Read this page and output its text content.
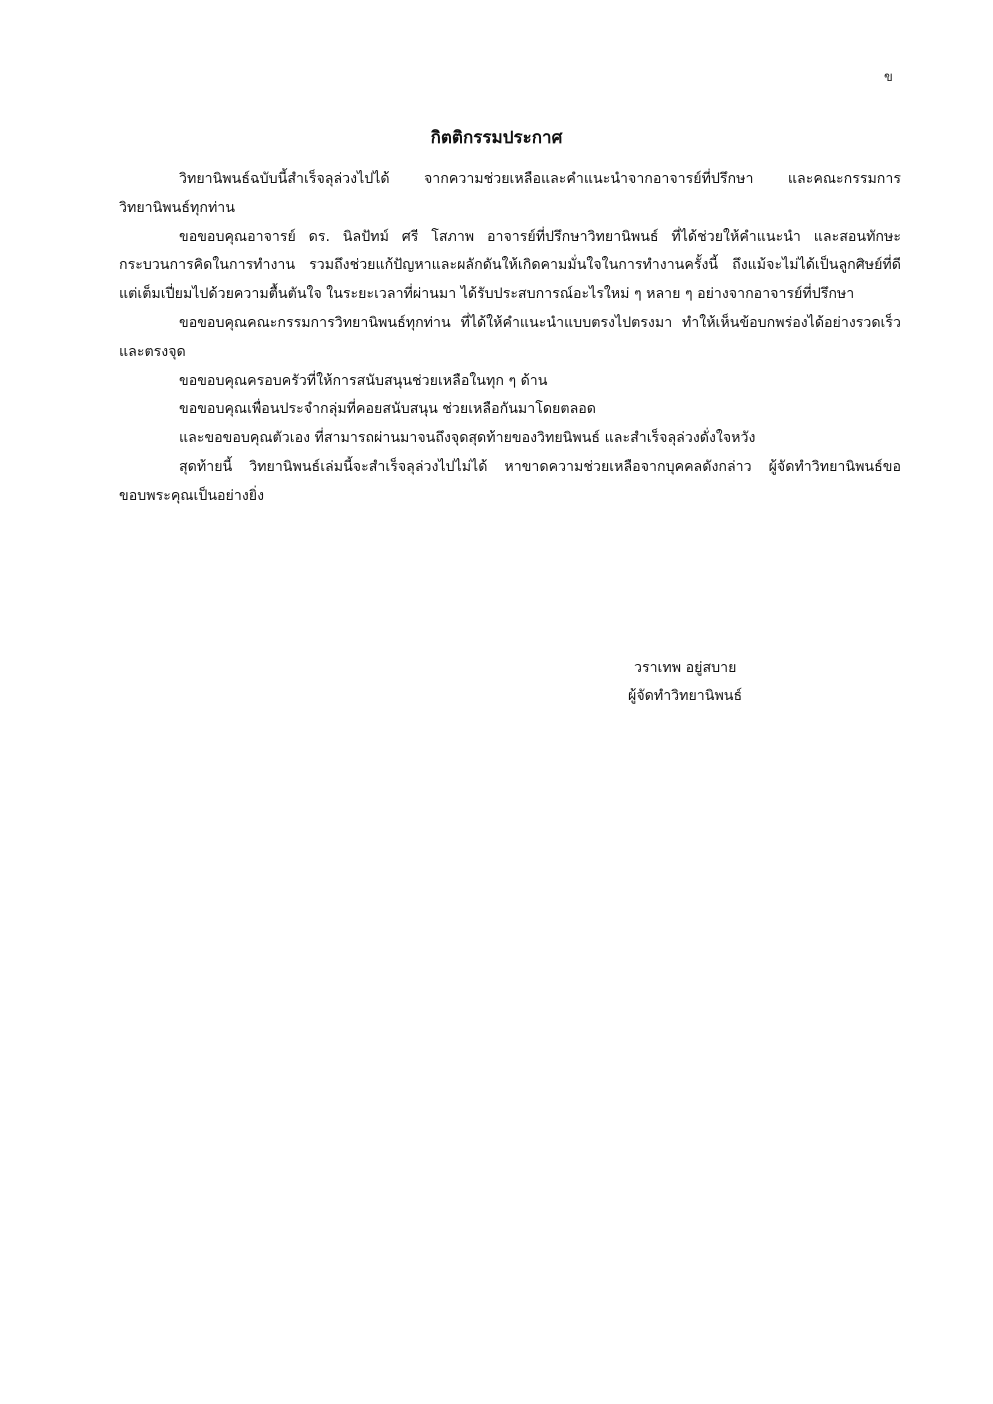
ข
กิตติกรรมประกาศ

วิทยานิพนธ์ฉบับนี้สำเร็จลุล่วงไปได้ จากความช่วยเหลือและคำแนะนำจากอาจารย์ที่ปรึกษา และคณะกรรมการวิทยานิพนธ์ทุกท่าน

ขอขอบคุณอาจารย์ ดร. นิลปัทม์ ศรี โสภาพ อาจารย์ที่ปรึกษาวิทยานิพนธ์ ที่ได้ช่วยให้คำแนะนำ และสอนทักษะ กระบวนการคิดในการทำงาน รวมถึงช่วยแก้ปัญหาและผลักดันให้เกิดคามมั่นใจในการทำงานครั้งนี้ ถึงแม้จะไม่ได้เป็นลูกศิษย์ที่ดี แต่เต็มเปี่ยมไปด้วยความตื้นตันใจ ในระยะเวลาที่ผ่านมา ได้รับประสบการณ์อะไรใหม่ ๆ หลาย ๆ อย่างจากอาจารย์ที่ปรึกษา

ขอขอบคุณคณะกรรมการวิทยานิพนธ์ทุกท่าน ที่ได้ให้คำแนะนำแบบตรงไปตรงมา ทำให้เห็นข้อบกพร่องได้อย่างรวดเร็วและตรงจุด

ขอขอบคุณครอบครัวที่ให้การสนับสนุนช่วยเหลือในทุก ๆ ด้าน

ขอขอบคุณเพื่อนประจำกลุ่มที่คอยสนับสนุน ช่วยเหลือกันมาโดยตลอด

และขอขอบคุณตัวเอง ที่สามารถผ่านมาจนถึงจุดสุดท้ายของวิทยนิพนธ์ และสำเร็จลุล่วงดั่งใจหวัง

สุดท้ายนี้ วิทยานิพนธ์เล่มนี้จะสำเร็จลุล่วงไปไม่ได้ หาขาดความช่วยเหลือจากบุคคลดังกล่าว ผู้จัดทำวิทยานิพนธ์ขอขอบพระคุณเป็นอย่างยิ่ง

วราเทพ อยู่สบาย
ผู้จัดทำวิทยานิพนธ์
